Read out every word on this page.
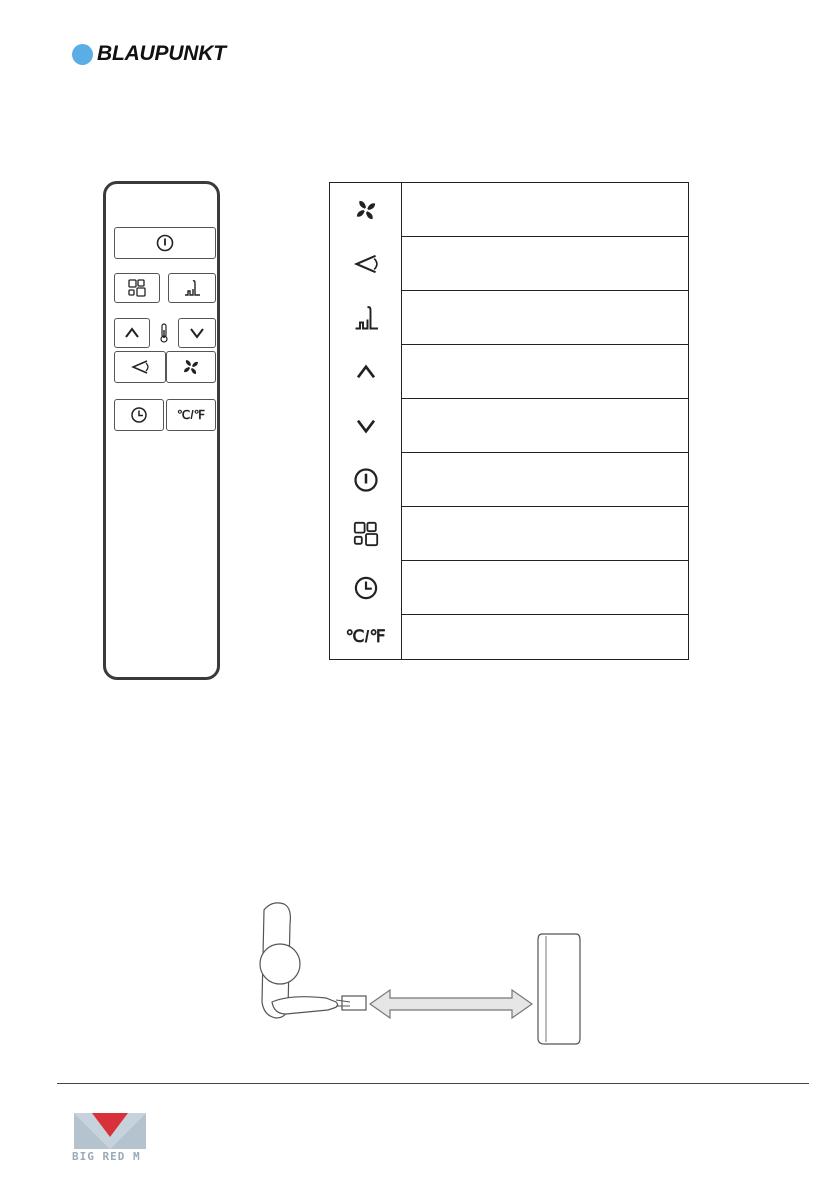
BLAUPUNKT
℃/℉
℃/℉
BIG RED M
